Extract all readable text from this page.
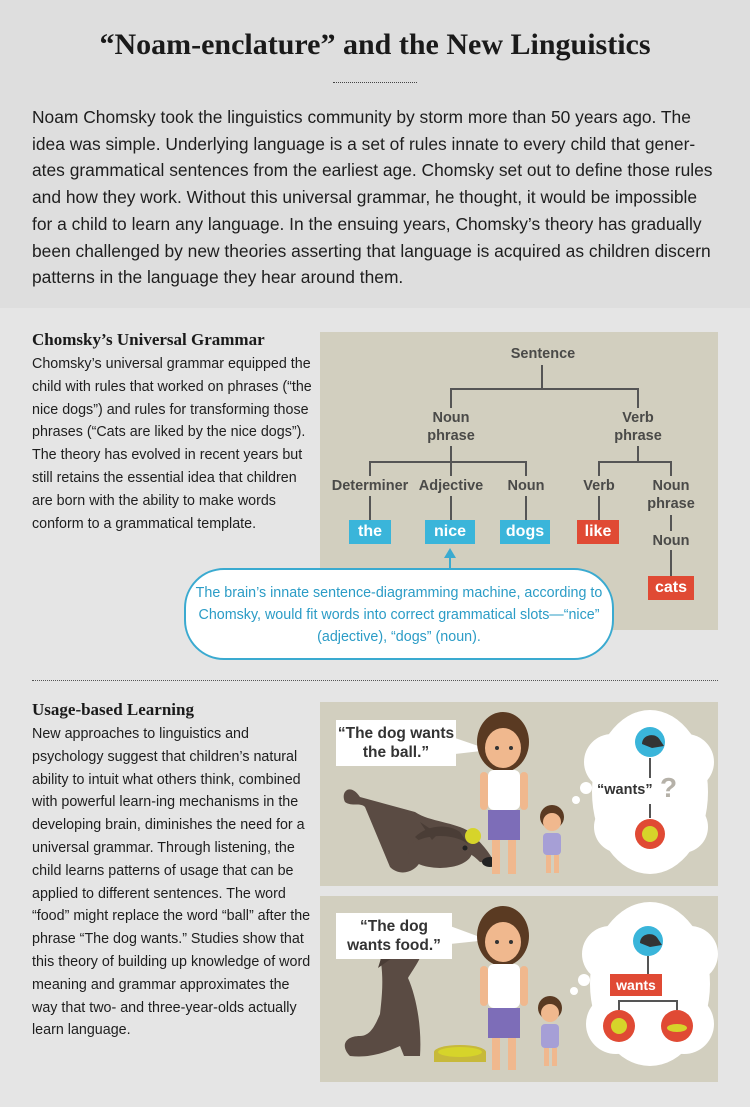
“Noam-enclature” and the New Linguistics

Noam Chomsky took the linguistics community by storm more than 50 years ago. The idea was simple. Underlying language is a set of rules innate to every child that gener-ates grammatical sentences from the earliest age. Chomsky set out to define those rules and how they work. Without this universal grammar, he thought, it would be impossible for a child to learn any language. In the ensuing years, Chomsky’s theory has gradually been challenged by new theories asserting that language is acquired as children discern patterns in the language they hear around them.

Chomsky’s Universal Grammar

Chomsky’s universal grammar equipped the child with rules that worked on phrases (“the nice dogs”) and rules for transforming those phrases (“Cats are liked by the nice dogs”). The theory has evolved in recent years but still retains the essential idea that children are born with the ability to make words conform to a grammatical template.

Sentence
Noun phrase
Verb phrase
Determiner Adjective	Noun	Verb	Noun phrase
Noun
the	nice	dogs	like
cats
The brain’s innate sentence-diagramming machine, according to Chomsky, would fit words into correct grammatical slots—“nice” (adjective), “dogs” (noun).
Usage-based Learning

New approaches to linguistics and psychology suggest that children’s natural ability to intuit what others think, combined with powerful learn-ing mechanisms in the developing brain, diminishes the need for a universal grammar. Through listening, the child learns patterns of usage that can be applied to different sentences. The word “food” might replace the word “ball” after the phrase “The dog wants.” Studies show that this theory of building up knowledge of word meaning and grammar approximates the way that two- and three-year-olds actually learn language.

“The dog wants the ball.”
“wants” ?
“The dog wants food.”
wants
